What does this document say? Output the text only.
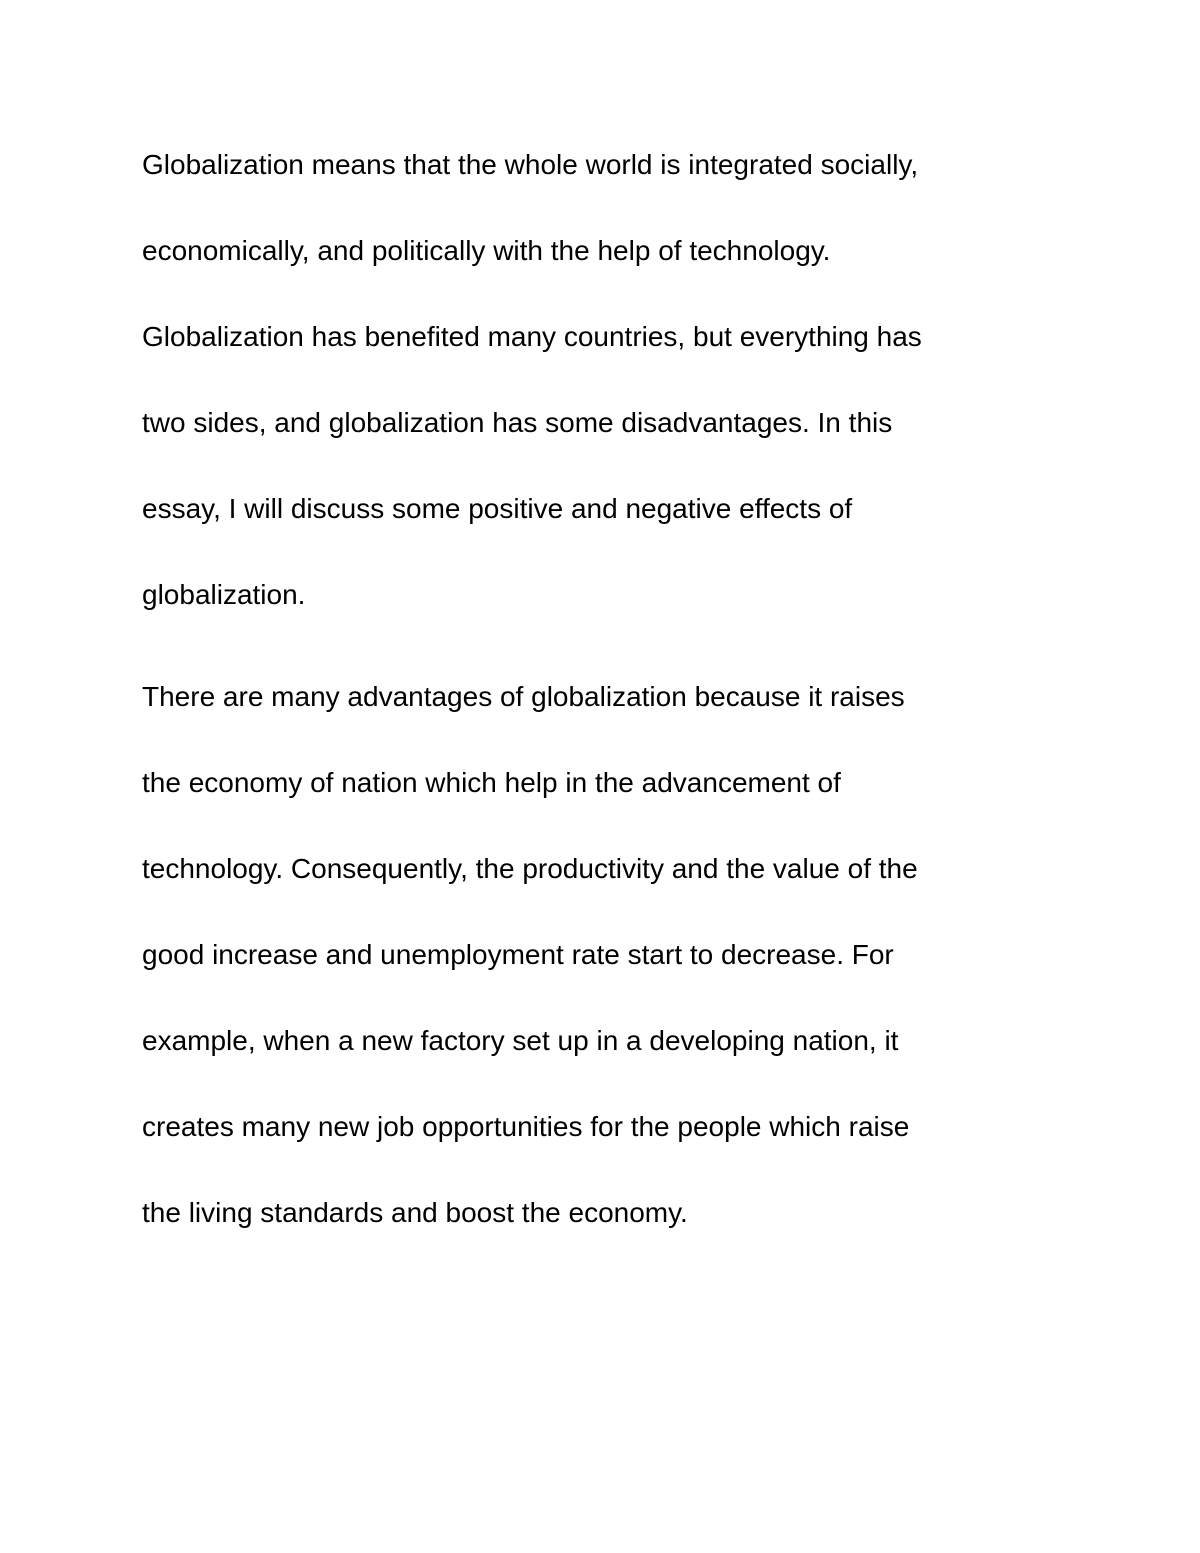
Globalization means that the whole world is integrated socially,

economically, and politically with the help of technology.

Globalization has benefited many countries, but everything has

two sides, and globalization has some disadvantages. In this

essay, I will discuss some positive and negative effects of

globalization.

There are many advantages of globalization because it raises

the economy of nation which help in the advancement of

technology. Consequently, the productivity and the value of the

good increase and unemployment rate start to decrease. For

example, when a new factory set up in a developing nation, it

creates many new job opportunities for the people which raise

the living standards and boost the economy.
